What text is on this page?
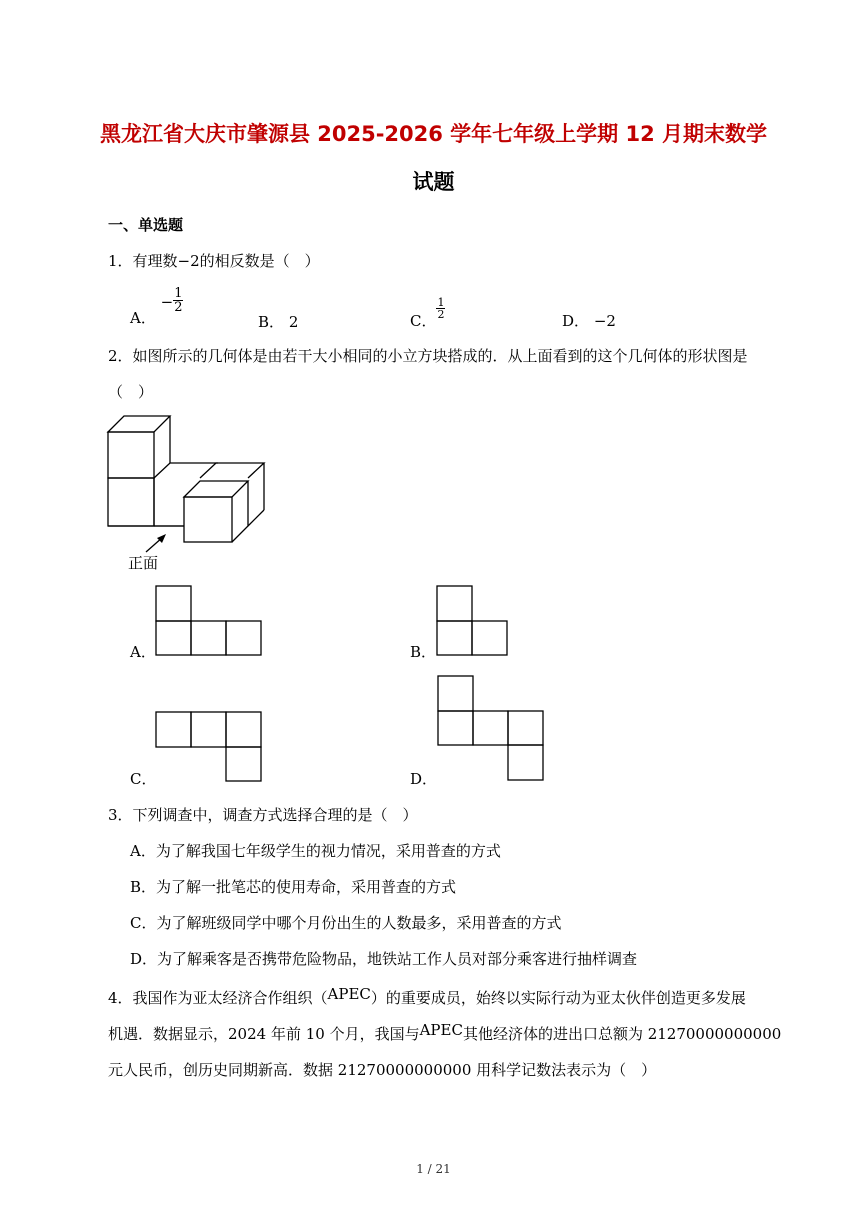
黑龙江省大庆市肇源县 2025-2026 学年七年级上学期 12 月期末数学
试题
一、单选题
1．有理数−2的相反数是（　）
A． − $\frac{1}{2}$
B． 2	C．
$\frac{1}{2}$
D． −2
2．如图所示的几何体是由若干大小相同的小立方块搭成的．从上面看到的这个几何体的形状图是
（　）
正面
A．	B．
C．	D．
3．下列调查中，调查方式选择合理的是（　）
A．为了解我国七年级学生的视力情况，采用普查的方式
B．为了解一批笔芯的使用寿命，采用普查的方式
C．为了解班级同学中哪个月份出生的人数最多，采用普查的方式
D．为了解乘客是否携带危险物品，地铁站工作人员对部分乘客进行抽样调查
4．我国作为亚太经济合作组织（APEC）的重要成员，始终以实际行动为亚太伙伴创造更多发展
机遇．数据显示，2024 年前 10 个月，我国与APEC其他经济体的进出口总额为 21270000000000
元人民币，创历史同期新高．数据 21270000000000 用科学记数法表示为（　）
1 / 21
